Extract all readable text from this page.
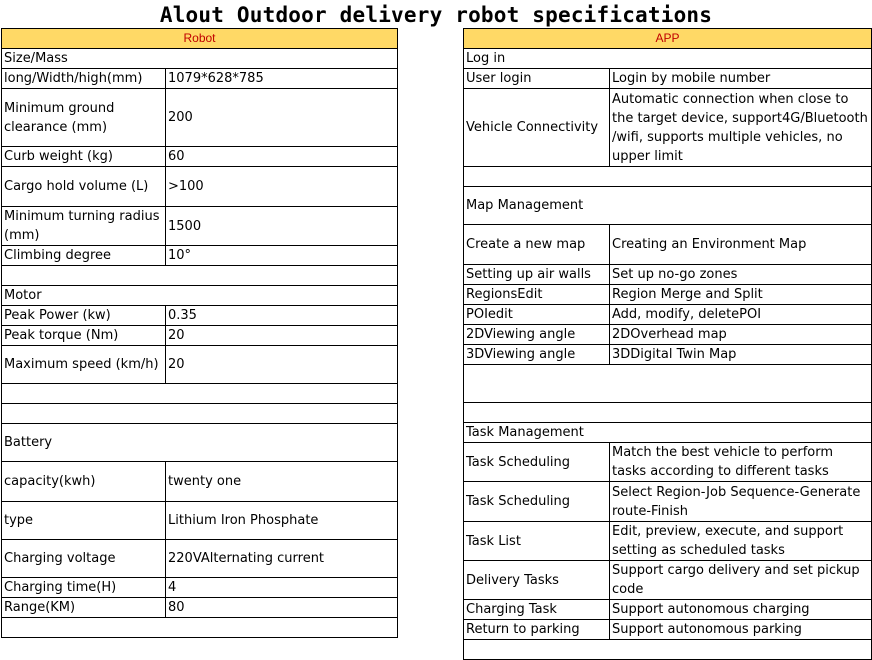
Alout Outdoor delivery robot specifications
Robot	
Size/Mass	
long/Width/high(mm)	1079*628*785
Minimum ground clearance (mm)	200
Curb weight (kg)	60
Cargo hold volume (L)	>100
Minimum turning radius (mm)	1500
Climbing degree	10°

Motor	
Peak Power (kw)	0.35
Peak torque (Nm)	20
Maximum speed (km/h)	20

Battery	
capacity(kwh)	twenty one
type	Lithium Iron Phosphate
Charging voltage	220VAlternating current
Charging time(H)	4
Range(KM)	80

APP	
Log in	
User login	Login by mobile number
Vehicle Connectivity	Automatic connection when close to the target device, support4G/Bluetooth /wifi, supports multiple vehicles, no upper limit

Map Management	
Create a new map	Creating an Environment Map
Setting up air walls	Set up no-go zones
RegionsEdit	Region Merge and Split
POIedit	Add, modify, deletePOI
2DViewing angle	2DOverhead map
3DViewing angle	3DDigital Twin Map

Task Management	
Task Scheduling	Match the best vehicle to perform tasks according to different tasks
Task Scheduling	Select Region-Job Sequence-Generate route-Finish
Task List	Edit, preview, execute, and support setting as scheduled tasks
Delivery Tasks	Support cargo delivery and set pickup code
Charging Task	Support autonomous charging
Return to parking	Support autonomous parking
